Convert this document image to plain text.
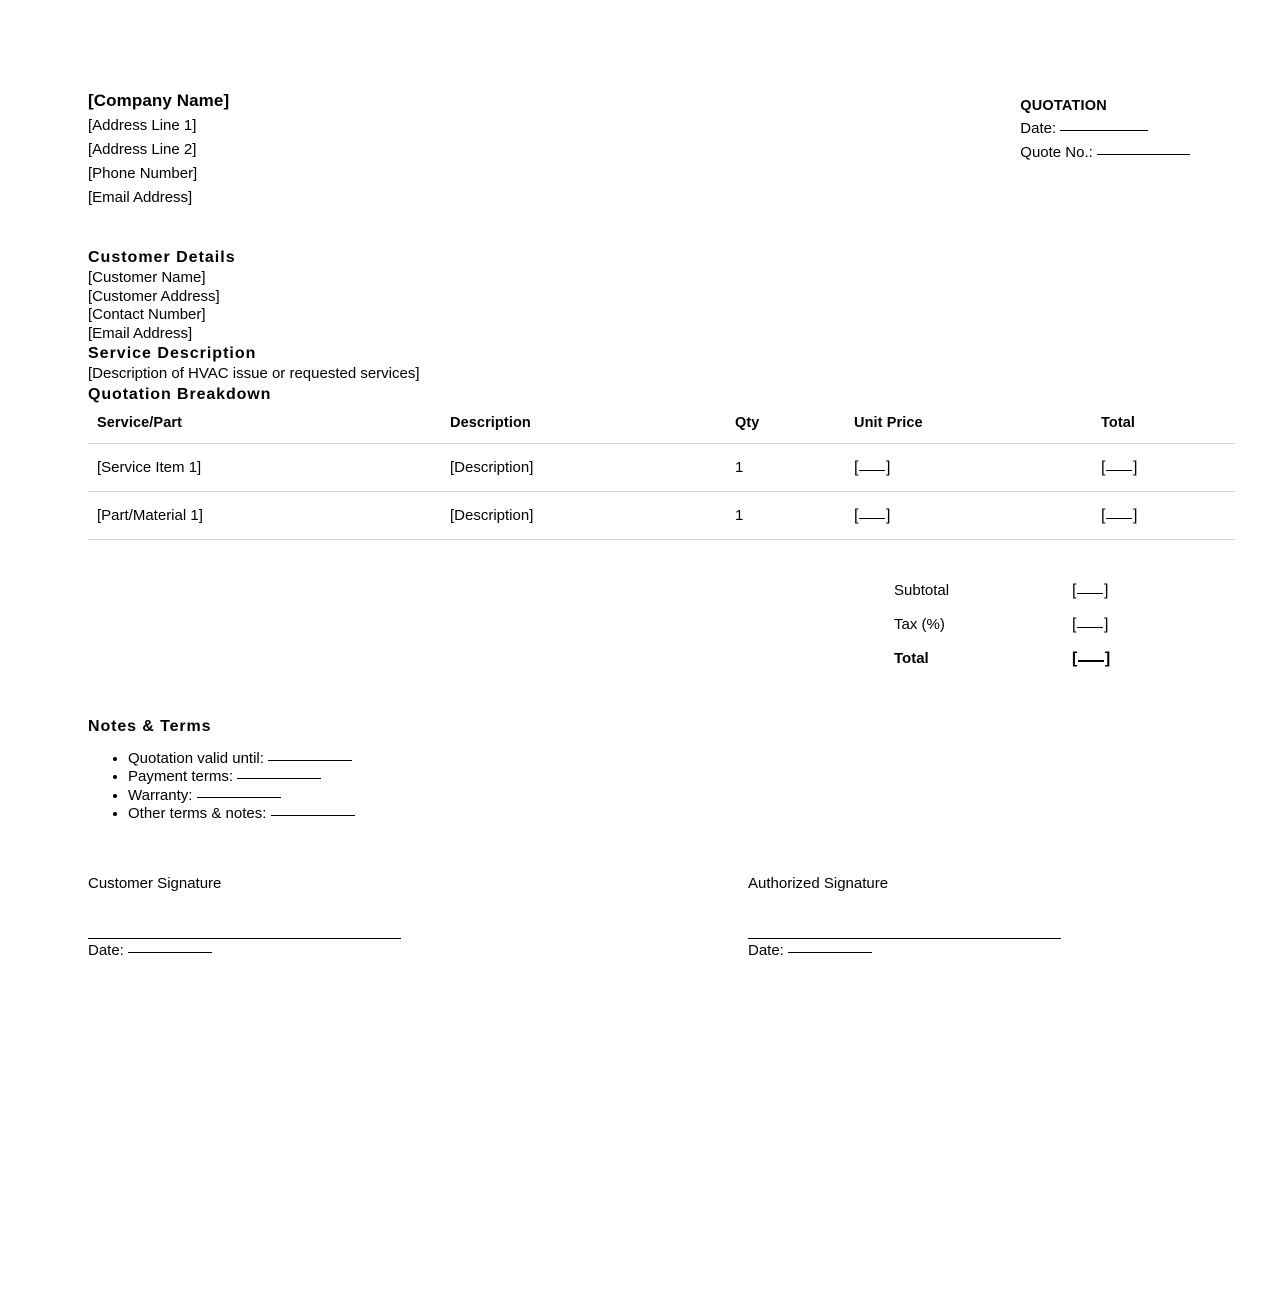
[Company Name]
[Address Line 1]
[Address Line 2]
[Phone Number]
[Email Address]
QUOTATION
Date:
Quote No.:
Customer Details
[Customer Name]
[Customer Address]
[Contact Number]
[Email Address]
Service Description
[Description of HVAC issue or requested services]
Quotation Breakdown
Service/Part	Description	Qty	Unit Price	Total
[Service Item 1]	[Description]	1	[ ]	[ ]
[Part/Material 1]	[Description]	1	[ ]	[ ]
Subtotal	[ ]
Tax (%)	[ ]
Total	[ ]
Notes & Terms
• Quotation valid until:
• Payment terms:
• Warranty:
• Other terms & notes:
Customer Signature
Date:
Authorized Signature
Date:
